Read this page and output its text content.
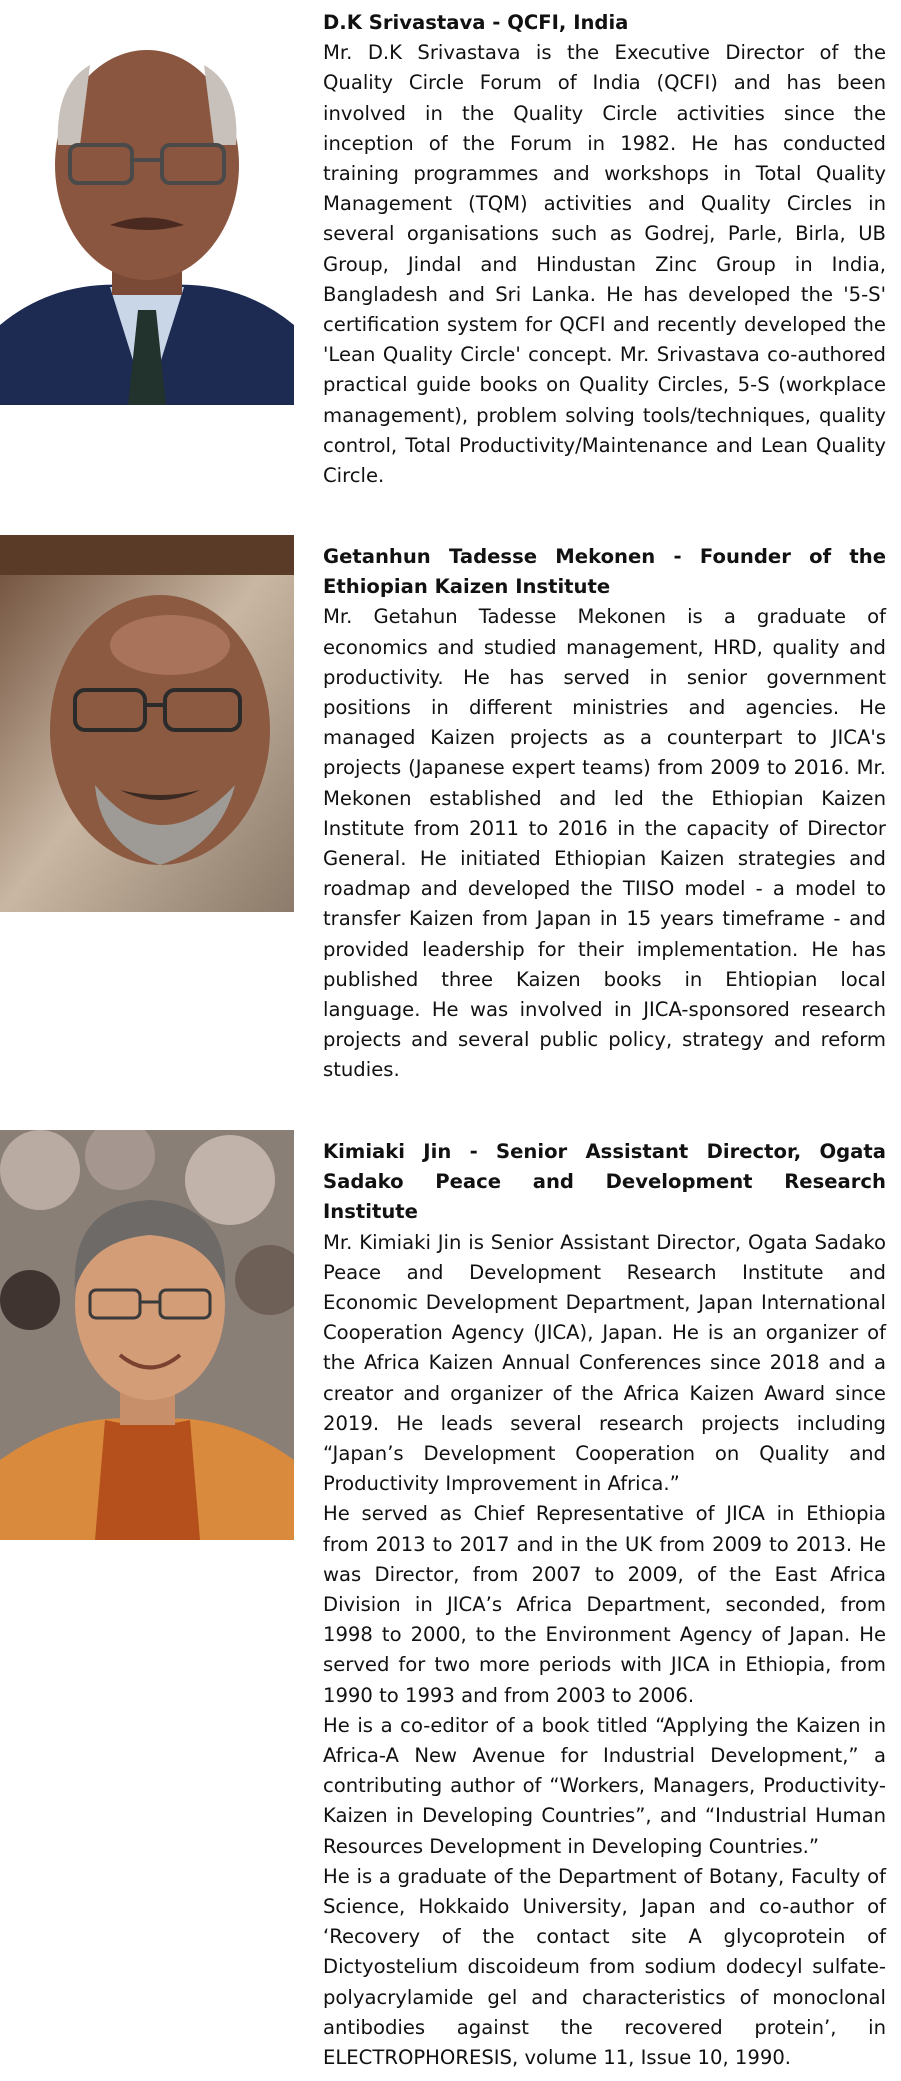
D.K Srivastava - QCFI, India

Mr. D.K Srivastava is the Executive Director of the Quality Circle Forum of India (QCFI) and has been involved in the Quality Circle activities since the inception of the Forum in 1982. He has conducted training programmes and workshops in Total Quality Management (TQM) activities and Quality Circles in several organisations such as Godrej, Parle, Birla, UB Group, Jindal and Hindustan Zinc Group in India, Bangladesh and Sri Lanka. He has developed the '5-S' certification system for QCFI and recently developed the 'Lean Quality Circle' concept. Mr. Srivastava co-authored practical guide books on Quality Circles, 5-S (workplace management), problem solving tools/techniques, quality control, Total Productivity/Maintenance and Lean Quality Circle.

Getanhun Tadesse Mekonen - Founder of the Ethiopian Kaizen Institute

Mr. Getahun Tadesse Mekonen is a graduate of economics and studied management, HRD, quality and productivity. He has served in senior government positions in different ministries and agencies. He managed Kaizen projects as a counterpart to JICA's projects (Japanese expert teams) from 2009 to 2016. Mr. Mekonen established and led the Ethiopian Kaizen Institute from 2011 to 2016 in the capacity of Director General. He initiated Ethiopian Kaizen strategies and roadmap and developed the TIISO model - a model to transfer Kaizen from Japan in 15 years timeframe - and provided leadership for their implementation. He has published three Kaizen books in Ehtiopian local language. He was involved in JICA-sponsored research projects and several public policy, strategy and reform studies.

Kimiaki Jin - Senior Assistant Director, Ogata Sadako Peace and Development Research Institute

Mr. Kimiaki Jin is Senior Assistant Director, Ogata Sadako Peace and Development Research Institute and Economic Development Department, Japan International Cooperation Agency (JICA), Japan. He is an organizer of the Africa Kaizen Annual Conferences since 2018 and a creator and organizer of the Africa Kaizen Award since 2019. He leads several research projects including “Japan’s Development Cooperation on Quality and Productivity Improvement in Africa.”

He served as Chief Representative of JICA in Ethiopia from 2013 to 2017 and in the UK from 2009 to 2013. He was Director, from 2007 to 2009, of the East Africa Division in JICA’s Africa Department, seconded, from 1998 to 2000, to the Environment Agency of Japan. He served for two more periods with JICA in Ethiopia, from 1990 to 1993 and from 2003 to 2006.

He is a co-editor of a book titled “Applying the Kaizen in Africa-A New Avenue for Industrial Development,” a contributing author of “Workers, Managers, Productivity-Kaizen in Developing Countries”, and “Industrial Human Resources Development in Developing Countries.”

He is a graduate of the Department of Botany, Faculty of Science, Hokkaido University, Japan and co-author of ‘Recovery of the contact site A glycoprotein of Dictyostelium discoideum from sodium dodecyl sulfate-polyacrylamide gel and characteristics of monoclonal antibodies against the recovered protein’, in ELECTROPHORESIS, volume 11, Issue 10, 1990.
